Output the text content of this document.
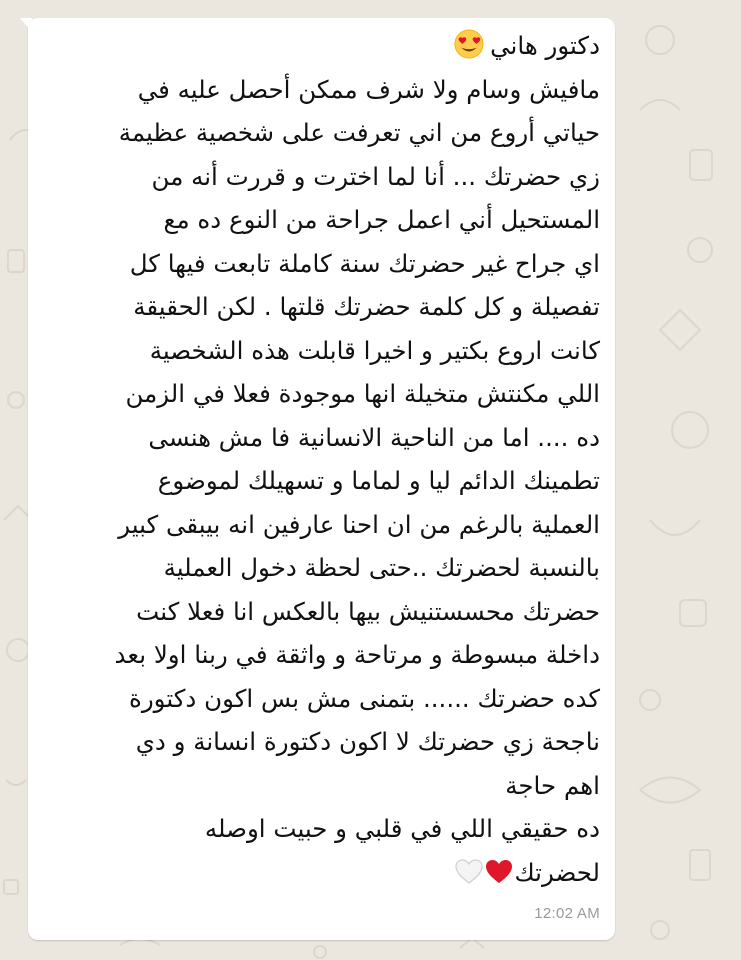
دكتور هاني
مافيش وسام ولا شرف ممكن أحصل عليه في
حياتي أروع من اني تعرفت على شخصية عظيمة
زي حضرتك ... أنا لما اخترت و قررت أنه من
المستحيل أني اعمل جراحة من النوع ده مع
اي جراح غير حضرتك سنة كاملة تابعت فيها كل
تفصيلة و كل كلمة حضرتك قلتها . لكن الحقيقة
كانت اروع بكتير و اخيرا قابلت هذه الشخصية
اللي مكنتش متخيلة انها موجودة فعلا في الزمن
ده .... اما من الناحية الانسانية فا مش هنسى
تطمينك الدائم ليا و لماما و تسهيلك لموضوع
العملية بالرغم من ان احنا عارفين انه بيبقى كبير
بالنسبة لحضرتك ..حتى لحظة دخول العملية
حضرتك محسستنيش بيها بالعكس انا فعلا كنت
داخلة مبسوطة و مرتاحة و واثقة في ربنا اولا بعد
كده حضرتك ...... بتمنى مش بس اكون دكتورة
ناجحة زي حضرتك لا اكون دكتورة انسانة و دي
اهم حاجة
ده حقيقي اللي في قلبي و حبيت اوصله
لحضرتك
12:02 AM
